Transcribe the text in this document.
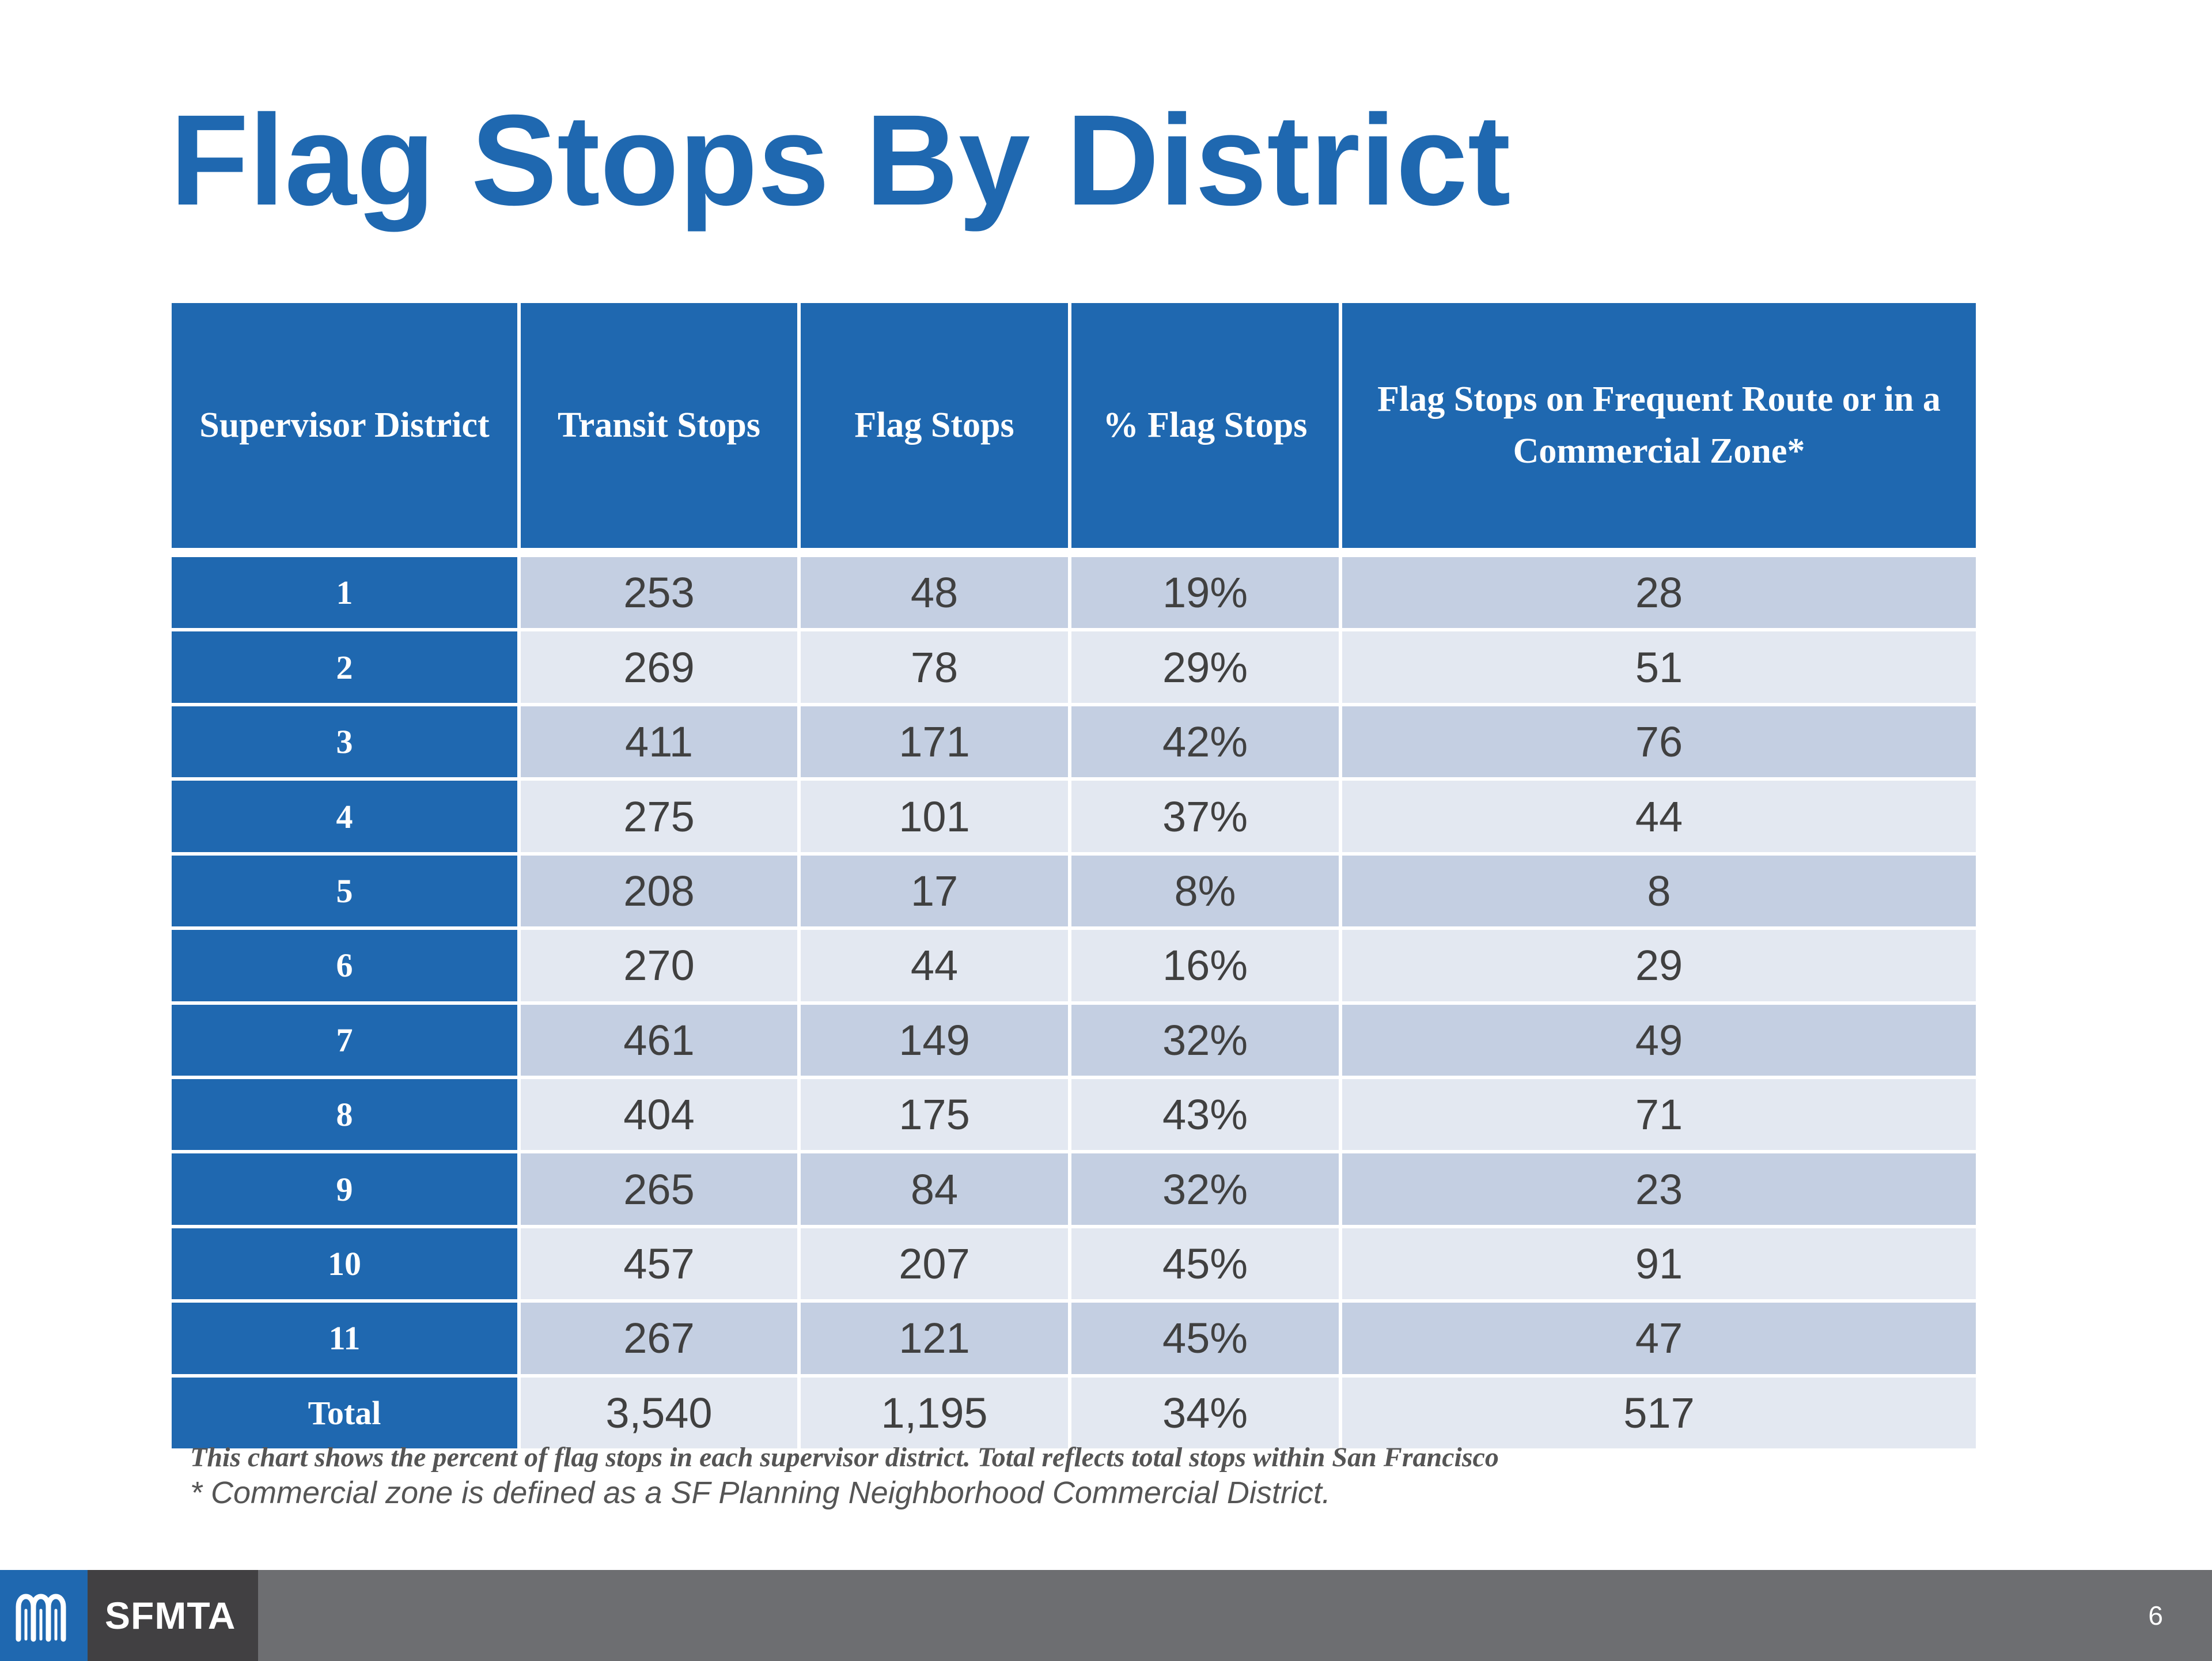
Flag Stops By District
Supervisor District	Transit Stops	Flag Stops	% Flag Stops	Flag Stops on Frequent Route or in a Commercial Zone*

1	253	48	19%	28
2	269	78	29%	51
3	411	171	42%	76
4	275	101	37%	44
5	208	17	8%	8
6	270	44	16%	29
7	461	149	32%	49
8	404	175	43%	71
9	265	84	32%	23
10	457	207	45%	91
11	267	121	45%	47
Total	3,540	1,195	34%	517

This chart shows the percent of flag stops in each supervisor district. Total reflects total stops within San Francisco

* Commercial zone is defined as a SF Planning Neighborhood Commercial District.

SFMTA	6
